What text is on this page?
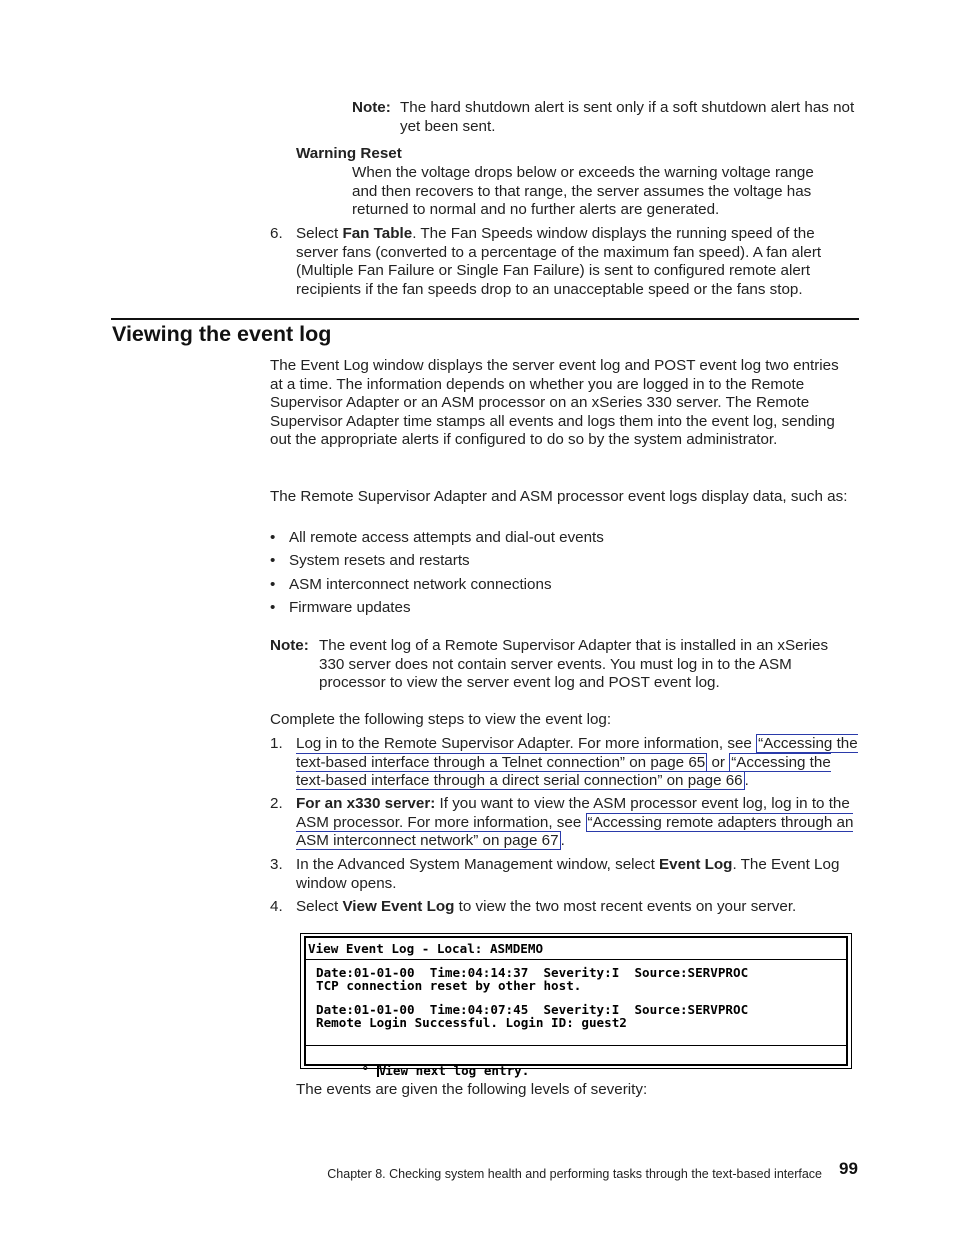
Note: The hard shutdown alert is sent only if a soft shutdown alert has not yet been sent.
Warning Reset
When the voltage drops below or exceeds the warning voltage range and then recovers to that range, the server assumes the voltage has returned to normal and no further alerts are generated.
6. Select Fan Table. The Fan Speeds window displays the running speed of the server fans (converted to a percentage of the maximum fan speed). A fan alert (Multiple Fan Failure or Single Fan Failure) is sent to configured remote alert recipients if the fan speeds drop to an unacceptable speed or the fans stop.
Viewing the event log
The Event Log window displays the server event log and POST event log two entries at a time. The information depends on whether you are logged in to the Remote Supervisor Adapter or an ASM processor on an xSeries 330 server. The Remote Supervisor Adapter time stamps all events and logs them into the event log, sending out the appropriate alerts if configured to do so by the system administrator.
The Remote Supervisor Adapter and ASM processor event logs display data, such as:
• All remote access attempts and dial-out events
• System resets and restarts
• ASM interconnect network connections
• Firmware updates
Note: The event log of a Remote Supervisor Adapter that is installed in an xSeries 330 server does not contain server events. You must log in to the ASM processor to view the server event log and POST event log.
Complete the following steps to view the event log:
1. Log in to the Remote Supervisor Adapter. For more information, see “Accessing the text-based interface through a Telnet connection” on page 65 or “Accessing the text-based interface through a direct serial connection” on page 66 .
2. For an x330 server: If you want to view the ASM processor event log, log in to the ASM processor. For more information, see “Accessing remote adapters through an ASM interconnect network” on page 67 .
3. In the Advanced System Management window, select Event Log. The Event Log window opens.
4. Select View Event Log to view the two most recent events on your server.
View Event Log - Local: ASMDEMO
Date:01-01-00  Time:04:14:37  Severity:I  Source:SERVPROC
TCP connection reset by other host.
Date:01-01-00  Time:04:07:45  Severity:I  Source:SERVPROC
Remote Login Successful. Login ID: guest2

° View next log entry.

The events are given the following levels of severity:
Chapter 8. Checking system health and performing tasks through the text-based interface 99
